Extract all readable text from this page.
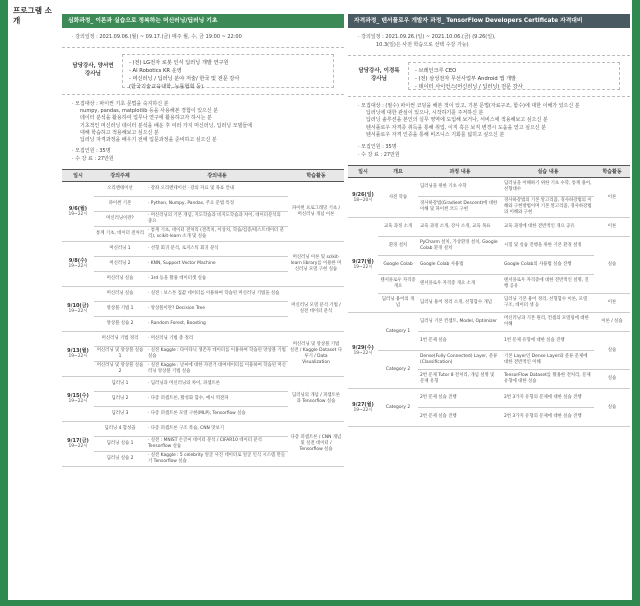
프로그램 소개	심화과정_ 이론과 실습으로 정복하는 머신러닝/딥러닝 기초
· 강의일정 : 2021.09.06.(월) ~ 09.17.(금) 매주 월, 수, 금 19:00 ~ 22:00
담당강사, 양서연 강사님
- (전) LG전자 로봇 인식 딥러닝 개발 연구원
- AI Robotics KR 운영
- 머신러닝 / 딥러닝 분야 저술/ 한국 및 전문 강사
(한국기술교육대학, 능률협회 등)
· 모집대상 : 파이썬 기초 문법을 숙지하신 분
numpy, pandas, matplotlib 등을 사용해본 경험이 있으신 분
데이터 분석을 활용하여 업무나 연구에 활용하고자 하시는 분
기초적인 머신러닝 데이터 분석을 배운 후 여러 가지 머신러닝, 딥러닝 모델들에
대해 학습하고 적용해보고 싶으신 분
딥러닝 자격과정을 배우기 전에 입문과정을 준비하고 싶으신 분
· 모집인원 : 35명
· 수 강 료 : 27만원
일시	강의주제	강의내용	학습활동
9/6(월)
19~22시	오리엔테이션	· 강좌 오리엔테이션 · 강의 자료 및 목표 안내	파이썬 프로그래밍 기초 / 머신러닝 개념 이론
	파이썬 기본	· Python, Numpy, Pandas, 주요 문법 특징	
	머신러닝이란?	· 머신러닝의 기본 개념, 지도학습과 비지도학습과 차이, 데이터분석의 중요	
	통계 기초, 데이터 전처리	· 통계 기초, 데이터 전처리 (결측치, 이상치, 학습/검증/테스트데이터 분리), scikit-learn 소개 및 실습	
9/8(수)
19~22시	머신러닝 1	· 선형 회귀 분석, 로지스틱 회귀 분석	머신러닝 이론 및 scikit-learn library를 이용한 머신러닝 모델 구현 실습
	머신러닝 2	· KNN, Support Vector Machine	
	머신러닝 실습	· 3rd 등을 활용 데이터셋 실습	
9/10(금)
19~22시	머신러닝 실습	· 실전 : 보스톤 집값 데이터를 이용하여 학습된 머신러닝 기법을 실습	머신러닝 모델 분석 기법 / 실전 데이터 분석
	앙상블 기법 1	· 앙상블이란? Decision Tree	
	앙상블 실습 2	· Random Forest, Boosting	
9/13(월)
19~22시	머신러닝 기법 정리	· 머신러닝 기법 총 정리	머신러닝 및 앙상블 기법 실전 / Kaggle Dataset 다루기 / Data Visualization
	머신러닝 및 앙상블 실습 1	· 실전 Kaggle : 타이타닉 생존자 데이터를 이용하여 학습된 앙상블 기법 실습	
	머신러닝 및 앙상블 실습 2	· 실전 Kaggle : 날씨에 대한 자전거 대여데이터를 이용하여 학습된 머신러닝 앙상블 기법 실습	
9/15(수)
19~22시	딥러닝 1	· 딥러닝과 머신러닝의 차이, 퍼셉트론	딥러닝의 개념 / 퍼셉트론과 Tensorflow 실습
	딥러닝 2	· 다층 퍼셉트론, 활성화 함수, 예시 역전파	
	딥러닝 3	· 다층 퍼셉트론 모델 구현(MLP), Tensorflow 실습	
9/17(금)
19~22시	딥러닝 4 합성곱	· 다층 퍼셉트론 구조 복습, CNN 맛보기	다층 퍼셉트론 / CNN 개념 및 실전 데이터 / Tensorflow 실습
	딥러닝 실습 1	· 실전 : MNIST 손글씨 데이터 분석 / CIFAR10 데이터 분석 Tensorflow 실습	
	딥러닝 실습 2	· 실전 Kaggle : 5 celebrity 얼굴 사진 데이터로 얼굴 인식 시스템 만들기 Tensorflow 실습	
자격과정_ 텐서플로우 개발자 과정_ TensorFlow Developers Certificate 자격대비
· 강의일정 : 2021.09.26.(일) ~ 2021.10.06.(금) (9.26(일),
10.3(일)은 사전 학습으로 선택 수강 가능)
담당강사, 이경록 강사님
- 브레인크루 CEO
- (전) 삼성전자 무선사업부 Android 앱 개발
- 데이터 사이언스(머신러닝 / 딥러닝) 전문 강사
· 모집대상 : (필수) 파이썬 코딩을 해본 적이 있고, 기본 문법(자료구조, 함수)에 대한 이해가 있으신 분
딥러닝에 대한 관심이 있으나, 시작하기를 주저하신 분
딥러닝 솔루션을 본인의 실무 영역에 도입해 보거나, 서비스에 적용해보고 싶으신 분
텐서플로우 자격증 취득을 통해 취업, 이직 혹은 보직 변경시 도움을 얻고 싶으신 분
텐서플로우 자격 인증을 통해 비즈니스 기회를 넓히고 싶으신 분
· 모집인원 : 35명
· 수 강 료 : 27만원
일시	개요	과정 내용	실습 내용	학습활동
9/26(일)
18~20시	사전 학습	딥러닝을 위한 기초 수학	딥러닝을 이해하기 위한 기초 수학, 통계 용어, 선형대수	이론
		경사하강법(Gradient Descent)에 대한 이해 및 파이썬 코드 구현	경사하강법의 기본 알고리즘, 경사하강법의 이해와 구현방법이며 기본 알고리즘, 경사하강법의 이해와 구현	
9/27(월)
19~22시	교육 과정 소개	교육 과정 소개, 강사 소개, 교육 목표	교육 과정에 대한 전반적인 개요 공유	이론
	환경 설치	PyCharm 설치, 가상환경 설치, Google Colab 환경 설치	시험 및 실습 진행을 위한 기본 환경 설정	실습
	Google Colab	Google Colab 사용법	Google Colab의 사용법 실습 진행	
	텐서플로우 자격증 개요	텐서플로우 자격증 개요 소개	텐서플로우 자격증에 대한 전반적인 설명, 진행 공유	
	딥러닝 용어의 개념	딥러닝 용어 정리 소개, 선형함수 개념	딥러닝 기본 용어 정리, 선형함수 이론, 모델 구조, 데이터 셋 등	이론
9/29(수)
19~22시	Category 1	딥러닝 기본 컨셉트, Model, Optimizer	머신러닝과 기본 원리, 컨셉의 모델링에 대한 이해	이론 / 실습
		1번 문제 실습	1번 문제 유형에 대한 실습 진행	실습
	Category 2	Dense(Fully Connected) Layer, 분류(Classification)	기본 Layer인 Dense Layer와 분류 문제에 대한 전반적인 이해	
		2번 문제 Tutor 8 전처리, 개념 설명 및 문제 유형	TensorFlow Dataset를 활용한 전처리, 문제 유형에 대한 실습	실습
9/27(월)
19~22시	Category 2	2번 문제 실습 진행	2번 3가지 유형의 문제에 대한 실습 진행	실습
		2번 문제 실습 진행	2번 3가지 유형의 문제에 대한 실습 진행	
